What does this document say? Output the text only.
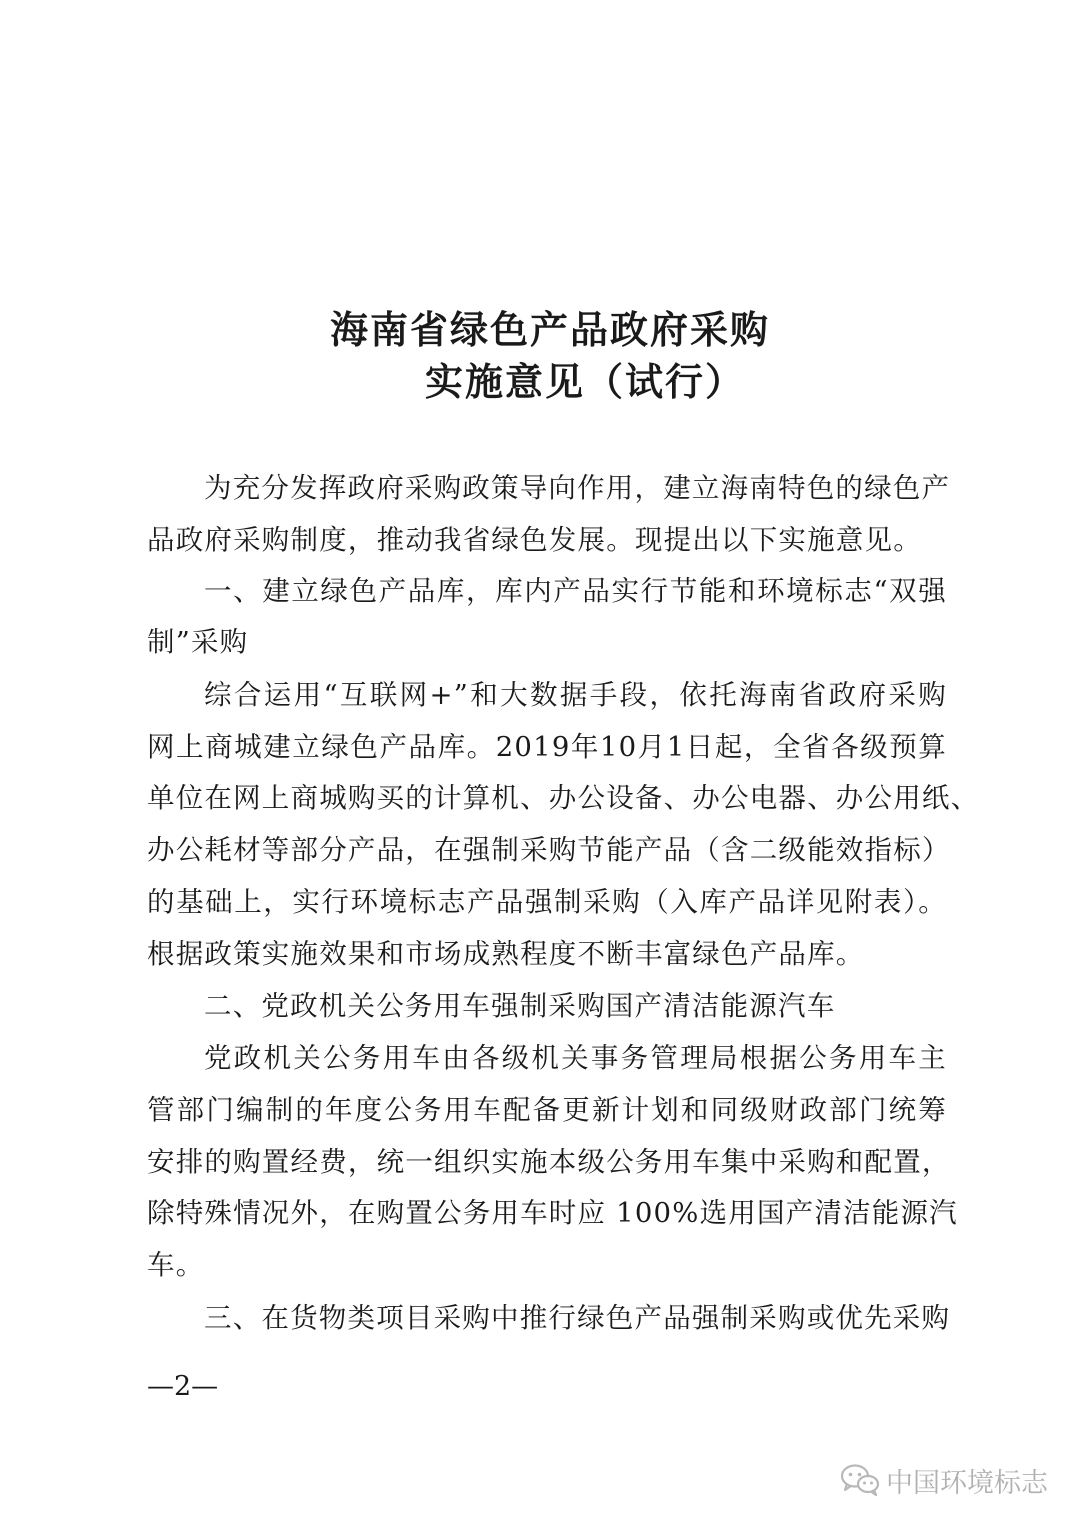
海南省绿色产品政府采购
实施意见（试行）
为充分发挥政府采购政策导向作用，建立海南特色的绿色产
品政府采购制度，推动我省绿色发展。现提出以下实施意见。
一、建立绿色产品库，库内产品实行节能和环境标志“双强
制”采购
综合运用“互联网+”和大数据手段，依托海南省政府采购
网上商城建立绿色产品库。2019年10月1日起，全省各级预算
单位在网上商城购买的计算机、办公设备、办公电器、办公用纸、
办公耗材等部分产品，在强制采购节能产品（含二级能效指标）
的基础上，实行环境标志产品强制采购（入库产品详见附表）。
根据政策实施效果和市场成熟程度不断丰富绿色产品库。
二、党政机关公务用车强制采购国产清洁能源汽车
党政机关公务用车由各级机关事务管理局根据公务用车主
管部门编制的年度公务用车配备更新计划和同级财政部门统筹
安排的购置经费，统一组织实施本级公务用车集中采购和配置，
除特殊情况外，在购置公务用车时应 100%选用国产清洁能源汽
车。
三、在货物类项目采购中推行绿色产品强制采购或优先采购
—2—
中国环境标志
